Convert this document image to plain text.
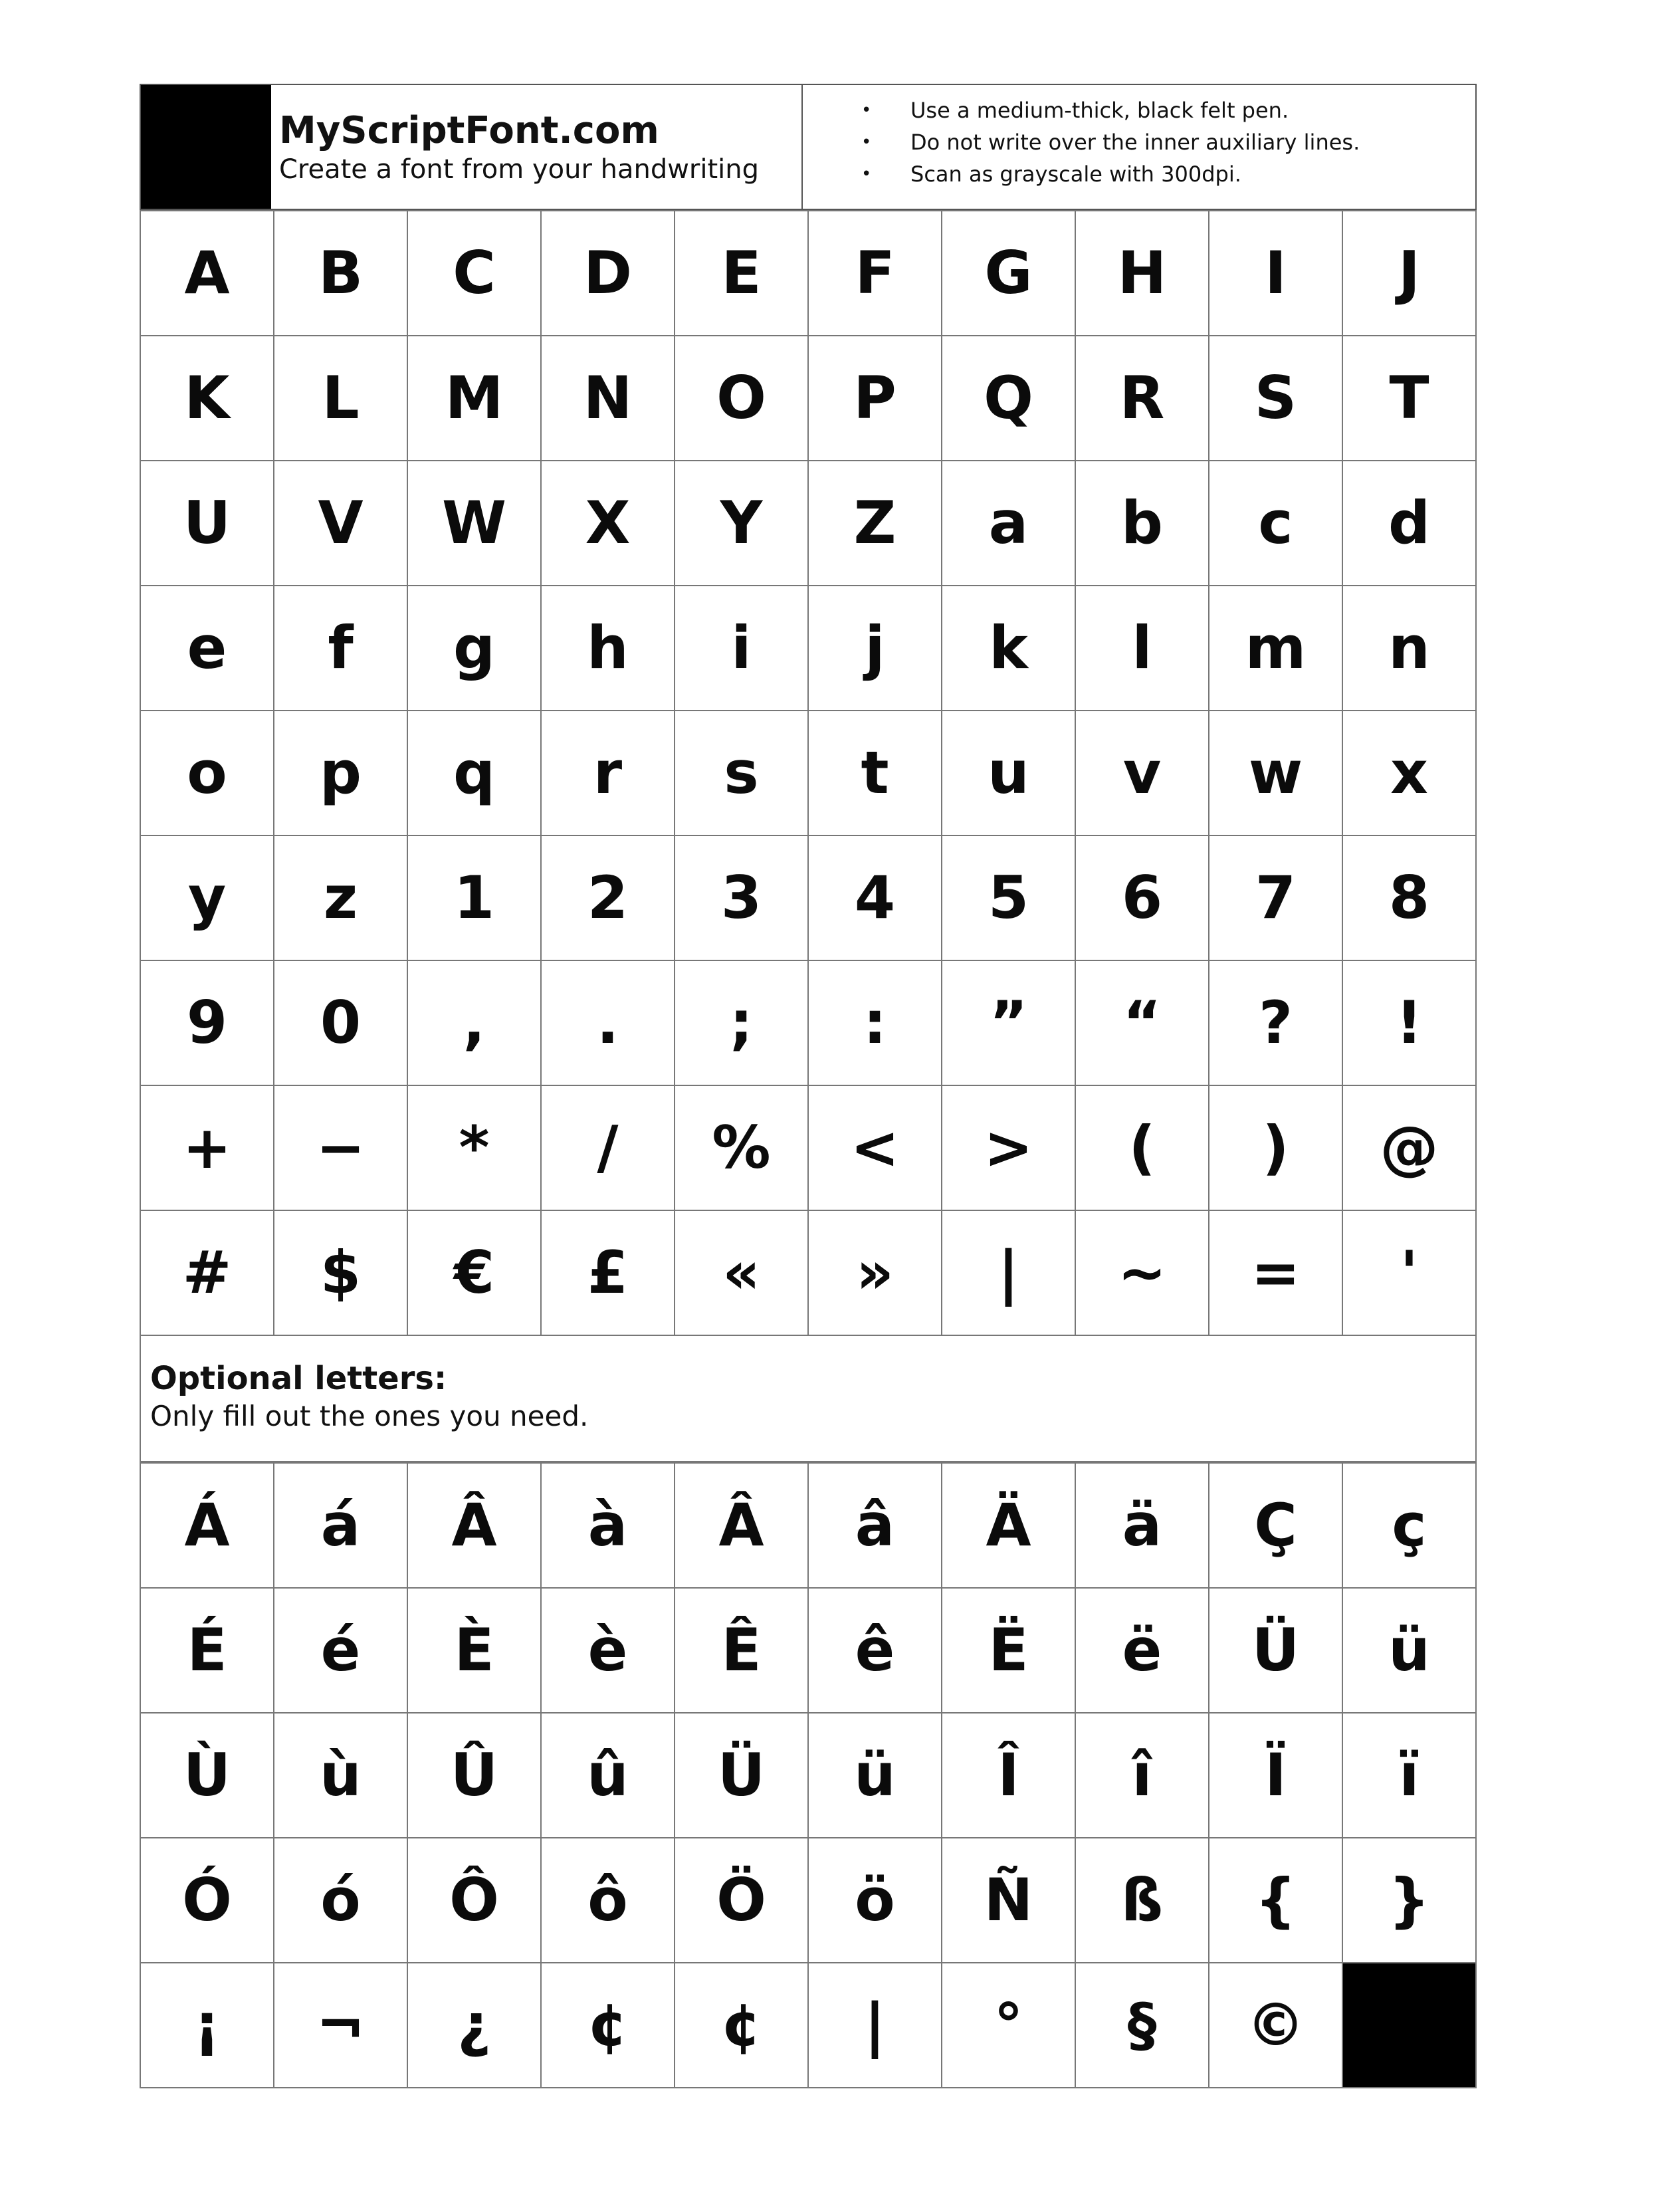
MyScriptFont.com
Create a font from your handwriting
• Use a medium-thick, black felt pen.
• Do not write over the inner auxiliary lines.
• Scan as grayscale with 300dpi.
A B C D E F G H I J
K L M N O P Q R S T
U V W X Y Z a b c d
e f g h i j k l m n
o p q r s t u v w x
y z 1 2 3 4 5 6 7 8
9 0 , . ; : ” “ ? !
+ − * / % < > ( ) @
# $ € £ « » | ~ = '
Optional letters:
Only fill out the ones you need.
Á á Â à Â â Ä ä Ç ç
É é È è Ê ê Ë ë Ü ü
Ù ù Û û Ü ü Î î Ï ï
Ó ó Ô ô Ö ö Ñ ß { }
¡ ¬ ¿ ¢ ¢ | ° § ©
